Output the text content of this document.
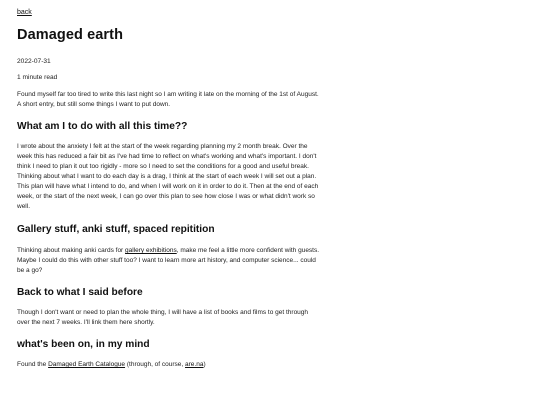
back
Damaged earth
2022-07-31
1 minute read

Found myself far too tired to write this last night so I am writing it late on the morning of the 1st of August. A short entry, but still some things I want to put down.

What am I to do with all this time??

I wrote about the anxiety I felt at the start of the week regarding planning my 2 month break. Over the week this has reduced a fair bit as I've had time to reflect on what's working and what's important. I don't think I need to plan it out too rigidly - more so I need to set the conditions for a good and useful break. Thinking about what I want to do each day is a drag, I think at the start of each week I will set out a plan. This plan will have what I intend to do, and when I will work on it in order to do it. Then at the end of each week, or the start of the next week, I can go over this plan to see how close I was or what didn't work so well.

Gallery stuff, anki stuff, spaced repitition

Thinking about making anki cards for gallery exhibitions, make me feel a little more confident with guests. Maybe I could do this with other stuff too? I want to learn more art history, and computer science... could be a go?

Back to what I said before

Though I don't want or need to plan the whole thing, I will have a list of books and films to get through over the next 7 weeks. I'll link them here shortly.

what's been on, in my mind

Found the Damaged Earth Catalogue (through, of course, are.na)
